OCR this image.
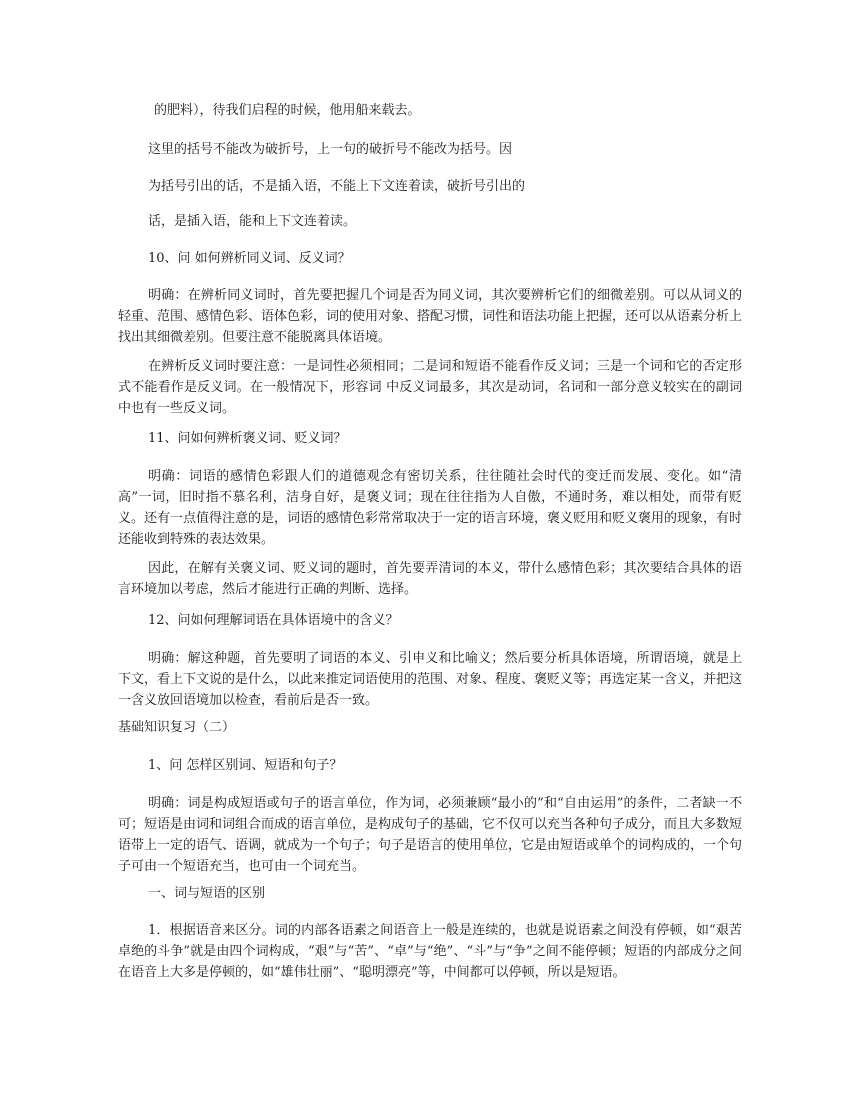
的肥料），待我们启程的时候，他用船来载去。

这里的括号不能改为破折号，上一句的破折号不能改为括号。因

为括号引出的话，不是插入语，不能上下文连着读，破折号引出的

话，是插入语，能和上下文连着读。

10、问 如何辨析同义词、反义词？

明确：在辨析同义词时，首先要把握几个词是否为同义词，其次要辨析它们的细微差别。可以从词义的轻重、范围、感情色彩、语体色彩，词的使用对象、搭配习惯，词性和语法功能上把握，还可以从语素分析上找出其细微差别。但要注意不能脱离具体语境。

在辨析反义词时要注意：一是词性必须相同；二是词和短语不能看作反义词；三是一个词和它的否定形式不能看作是反义词。在一般情况下，形容词 中反义词最多，其次是动词，名词和一部分意义较实在的副词中也有一些反义词。

11、问如何辨析褒义词、贬义词？

明确：词语的感情色彩跟人们的道德观念有密切关系，往往随社会时代的变迁而发展、变化。如“清高”一词，旧时指不慕名利，洁身自好，是褒义词；现在往往指为人自傲，不通时务，难以相处，而带有贬义。还有一点值得注意的是，词语的感情色彩常常取决于一定的语言环境，褒义贬用和贬义褒用的现象，有时还能收到特殊的表达效果。

因此，在解有关褒义词、贬义词的题时，首先要弄清词的本义，带什么感情色彩；其次要结合具体的语言环境加以考虑，然后才能进行正确的判断、选择。

12、问如何理解词语在具体语境中的含义？

明确：解这种题，首先要明了词语的本义、引申义和比喻义；然后要分析具体语境，所谓语境，就是上下文，看上下文说的是什么，以此来推定词语使用的范围、对象、程度、褒贬义等；再选定某一含义，并把这一含义放回语境加以检查，看前后是否一致。

基础知识复习（二）

1、问 怎样区别词、短语和句子？

明确：词是构成短语或句子的语言单位，作为词，必须兼顾“最小的”和“自由运用”的条件，二者缺一不可；短语是由词和词组合而成的语言单位，是构成句子的基础，它不仅可以充当各种句子成分，而且大多数短语带上一定的语气、语调，就成为一个句子；句子是语言的使用单位，它是由短语或单个的词构成的，一个句子可由一个短语充当，也可由一个词充当。

一、词与短语的区别

1．根据语音来区分。词的内部各语素之间语音上一般是连续的，也就是说语素之间没有停顿，如“艰苦卓绝的斗争”就是由四个词构成，“艰”与“苦”、“卓”与“绝”、“斗”与“争”之间不能停顿；短语的内部成分之间在语音上大多是停顿的，如“雄伟壮丽”、“聪明漂亮”等，中间都可以停顿，所以是短语。
